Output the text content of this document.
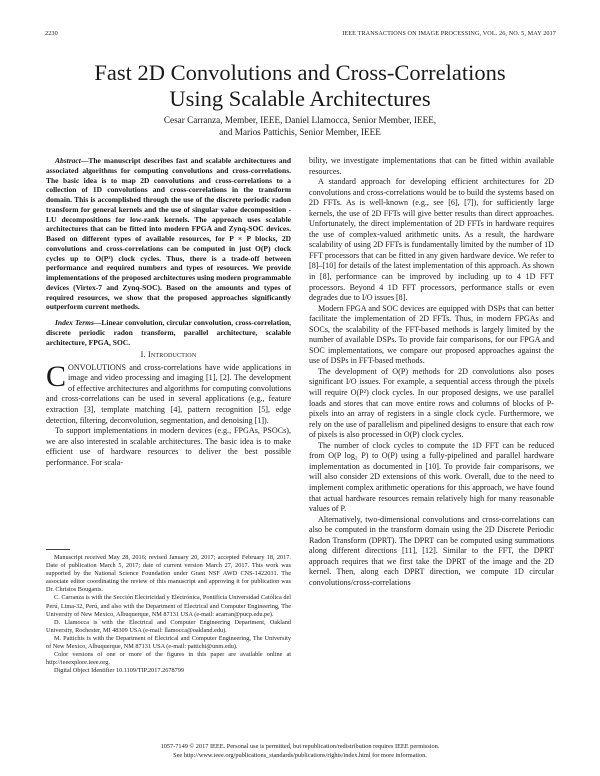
2230	IEEE TRANSACTIONS ON IMAGE PROCESSING, VOL. 26, NO. 5, MAY 2017
Fast 2D Convolutions and Cross-Correlations
Using Scalable Architectures
Cesar Carranza, Member, IEEE, Daniel Llamocca, Senior Member, IEEE,
and Marios Pattichis, Senior Member, IEEE

Abstract—The manuscript describes fast and scalable architectures and associated algorithms for computing convolutions and cross-correlations. The basic idea is to map 2D convolutions and cross-correlations to a collection of 1D convolutions and cross-correlations in the transform domain. This is accomplished through the use of the discrete periodic radon transform for general kernels and the use of singular value decomposition -LU decompositions for low-rank kernels. The approach uses scalable architectures that can be fitted into modern FPGA and Zynq-SOC devices. Based on different types of available resources, for P × P blocks, 2D convolutions and cross-correlations can be computed in just O(P) clock cycles up to O(P²) clock cycles. Thus, there is a trade-off between performance and required numbers and types of resources. We provide implementations of the proposed architectures using modern programmable devices (Virtex-7 and Zynq-SOC). Based on the amounts and types of required resources, we show that the proposed approaches significantly outperform current methods.

Index Terms—Linear convolution, circular convolution, cross-correlation, discrete periodic radon transform, parallel architecture, scalable architecture, FPGA, SOC.

I. Introduction

CONVOLUTIONS and cross-correlations have wide applications in image and video processing and imaging [1], [2]. The development of effective architectures and algorithms for computing convolutions and cross-correlations can be used in several applications (e.g., feature extraction [3], template matching [4], pattern recognition [5], edge detection, filtering, deconvolution, segmentation, and denoising [1]).

To support implementations in modern devices (e.g., FPGAs, PSOCs), we are also interested in scalable architectures. The basic idea is to make efficient use of hardware resources to deliver the best possible performance. For scala-

Manuscript received May 28, 2016; revised January 20, 2017; accepted February 18, 2017. Date of publication March 5, 2017; date of current version March 27, 2017. This work was supported by the National Science Foundation under Grant NSF AWD CNS-1422031. The associate editor coordinating the review of this manuscript and approving it for publication was Dr. Christos Bouganis.

C. Carranza is with the Sección Electricidad y Electrónica, Pontificia Universidad Católica del Perú, Lima-32, Perú, and also with the Department of Electrical and Computer Engineering, The University of New Mexico, Albuquerque, NM 87131 USA (e-mail: acarran@pucp.edu.pe).

D. Llamocca is with the Electrical and Computer Engineering Department, Oakland University, Rochester, MI 48309 USA (e-mail: llamocca@oakland.edu).

M. Pattichis is with the Department of Electrical and Computer Engineering, The University of New Mexico, Albuquerque, NM 87131 USA (e-mail: pattichi@unm.edu).

Color versions of one or more of the figures in this paper are available online at http://ieeexplore.ieee.org.

Digital Object Identifier 10.1109/TIP.2017.2678799

bility, we investigate implementations that can be fitted within available resources.

A standard approach for developing efficient architectures for 2D convolutions and cross-correlations would be to build the systems based on 2D FFTs. As is well-known (e.g., see [6], [7]), for sufficiently large kernels, the use of 2D FFTs will give better results than direct approaches. Unfortunately, the direct implementation of 2D FFTs in hardware requires the use of complex-valued arithmetic units. As a result, the hardware scalability of using 2D FFTs is fundamentally limited by the number of 1D FFT processors that can be fitted in any given hardware device. We refer to [8]–[10] for details of the latest implementation of this approach. As shown in [8], performance can be improved by including up to 4 1D FFT processors. Beyond 4 1D FFT processors, performance stalls or even degrades due to I/O issues [8].

Modern FPGA and SOC devices are equipped with DSPs that can better facilitate the implementation of 2D FFTs. Thus, in modern FPGAs and SOCs, the scalability of the FFT-based methods is largely limited by the number of available DSPs. To provide fair comparisons, for our FPGA and SOC implementations, we compare our proposed approaches against the use of DSPs in FFT-based methods.

The development of O(P) methods for 2D convolutions also poses significant I/O issues. For example, a sequential access through the pixels will require O(P²) clock cycles. In our proposed designs, we use parallel loads and stores that can move entire rows and columns of blocks of P-pixels into an array of registers in a single clock cycle. Furthermore, we rely on the use of parallelism and pipelined designs to ensure that each row of pixels is also processed in O(P) clock cycles.

The number of clock cycles to compute the 1D FFT can be reduced from O(P log₂ P) to O(P) using a fully-pipelined and parallel hardware implementation as documented in [10]. To provide fair comparisons, we will also consider 2D extensions of this work. Overall, due to the need to implement complex arithmetic operations for this approach, we have found that actual hardware resources remain relatively high for many reasonable values of P.

Alternatively, two-dimensional convolutions and cross-correlations can also be computed in the transform domain using the 2D Discrete Periodic Radon Transform (DPRT). The DPRT can be computed using summations along different directions [11], [12]. Similar to the FFT, the DPRT approach requires that we first take the DPRT of the image and the 2D kernel. Then, along each DPRT direction, we compute 1D circular convolutions/cross-correlations

1057-7149 © 2017 IEEE. Personal use is permitted, but republication/redistribution requires IEEE permission.
See http://www.ieee.org/publications_standards/publications/rights/index.html for more information.
